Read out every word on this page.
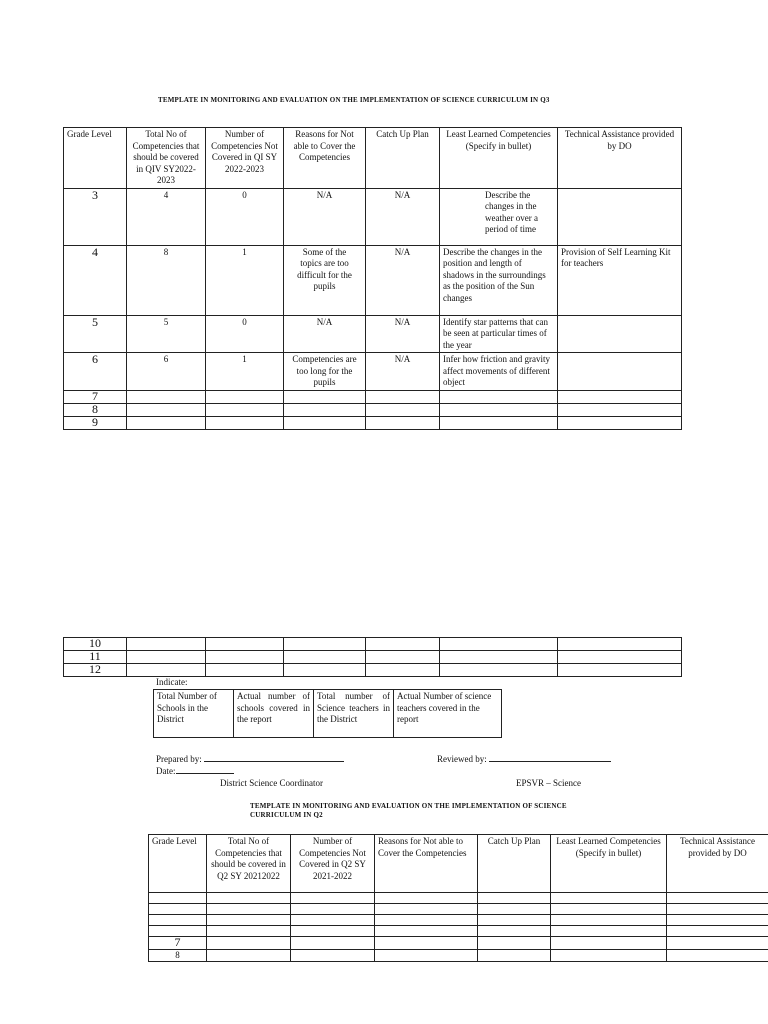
TEMPLATE IN MONITORING AND EVALUATION ON THE IMPLEMENTATION OF SCIENCE CURRICULUM IN Q3
Grade Level	Total No of Competencies that should be covered in QIV SY2022-2023	Number of Competencies Not Covered in QI SY 2022-2023	Reasons for Not able to Cover the Competencies	Catch Up Plan	Least Learned Competencies (Specify in bullet)	Technical Assistance provided by DO
3	4	0	N/A	N/A	Describe the changes in the weather over a period of time	

4	8	1	Some of the topics are too difficult for the pupils	N/A	Describe the changes in the position and length of shadows in the surroundings as the position of the Sun changes	Provision of Self Learning Kit for teachers
5	5	0	N/A	N/A	Identify star patterns that can be seen at particular times of the year	
6	6	1	Competencies are too long for the pupils	N/A	Infer how friction and gravity affect movements of different object	
7						
8						
9						
10						
11						
12						
Indicate:
Total Number of Schools in the District	Actual number of schools covered in the report	Total number of Science teachers in the District	Actual Number of science teachers covered in the report
Prepared by:	Reviewed by:
Date:
District Science Coordinator	EPSVR – Science
TEMPLATE IN MONITORING AND EVALUATION ON THE IMPLEMENTATION OF SCIENCE
CURRICULUM IN Q2
Grade Level	Total No of Competencies that should be covered in Q2 SY 20212022	Number of Competencies Not Covered in Q2 SY 2021-2022	Reasons for Not able to Cover the Competencies	Catch Up Plan	Least Learned Competencies (Specify in bullet)	Technical Assistance provided by DO

7						
8						
